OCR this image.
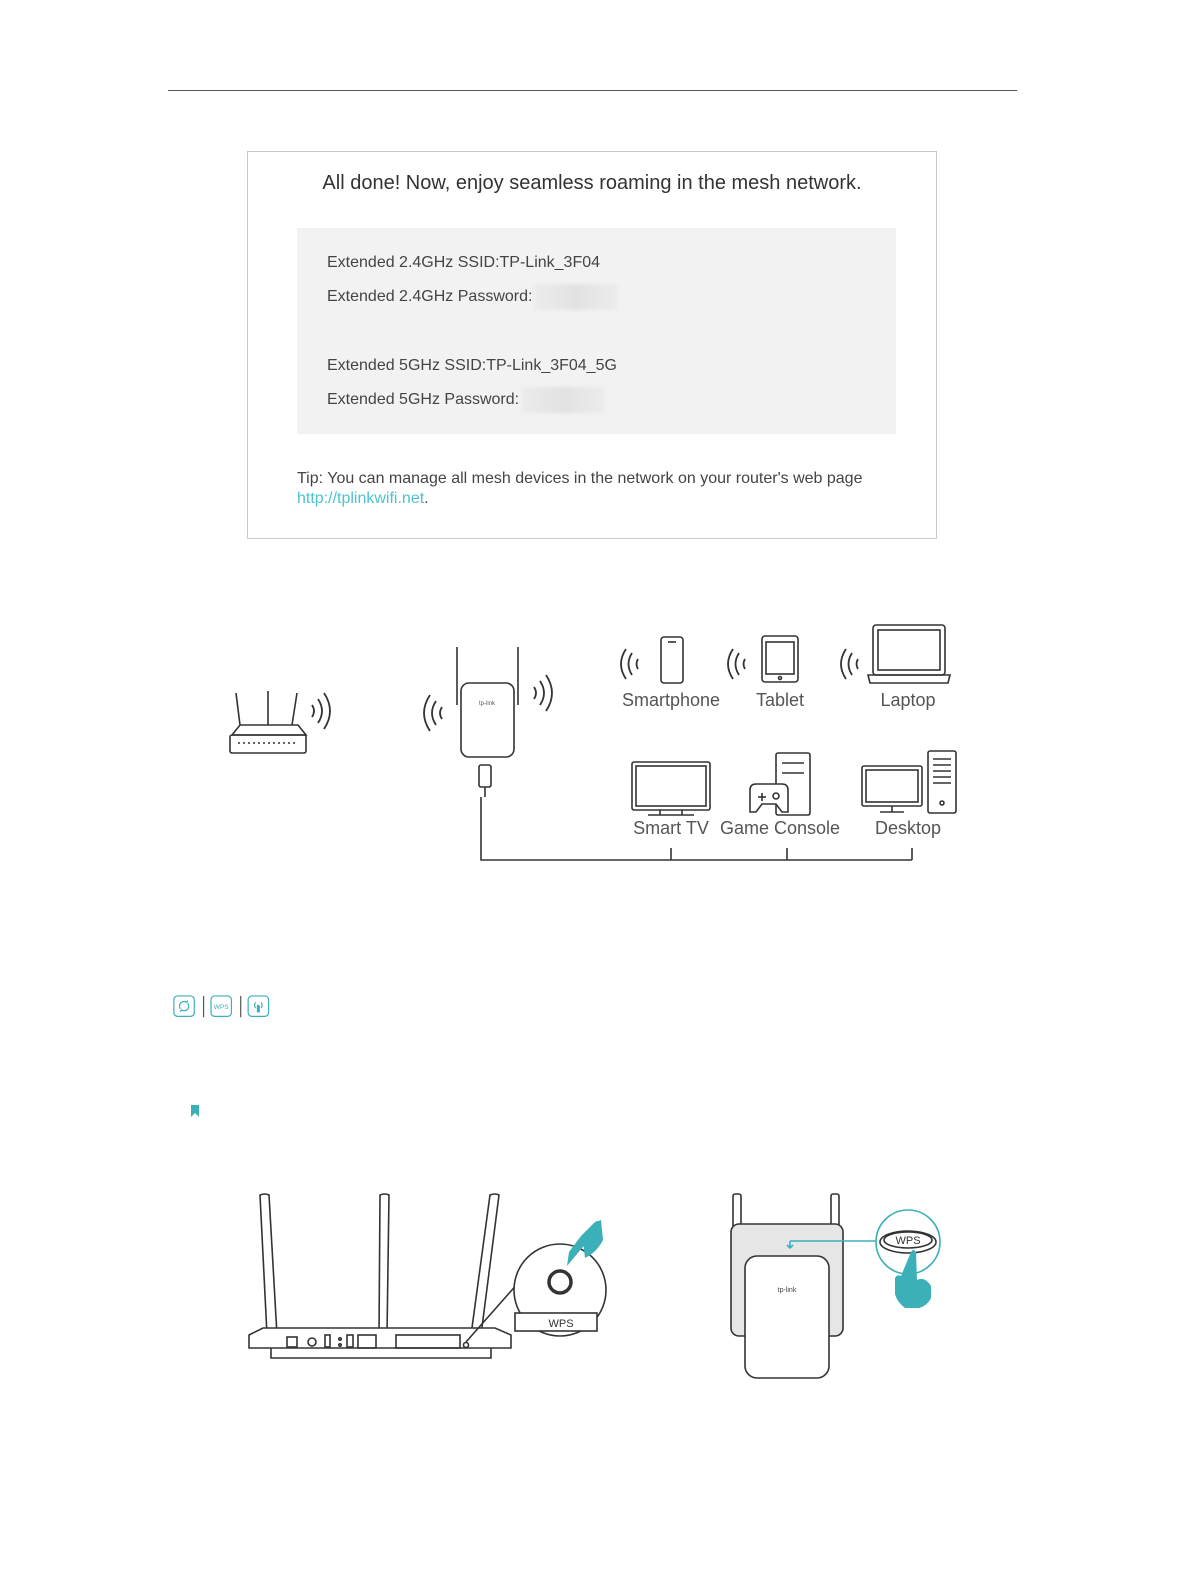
All done! Now, enjoy seamless roaming in the mesh network.
Extended 2.4GHz SSID:TP-Link_3F04
Extended 2.4GHz Password:
Extended 5GHz SSID:TP-Link_3F04_5G
Extended 5GHz Password:
Tip: You can manage all mesh devices in the network on your router's web page
http://tplinkwifi.net.
tp-link	Smartphone Tablet	Laptop
Smart TV Game Console Desktop
WPS
WPS
tp-link
WPS
